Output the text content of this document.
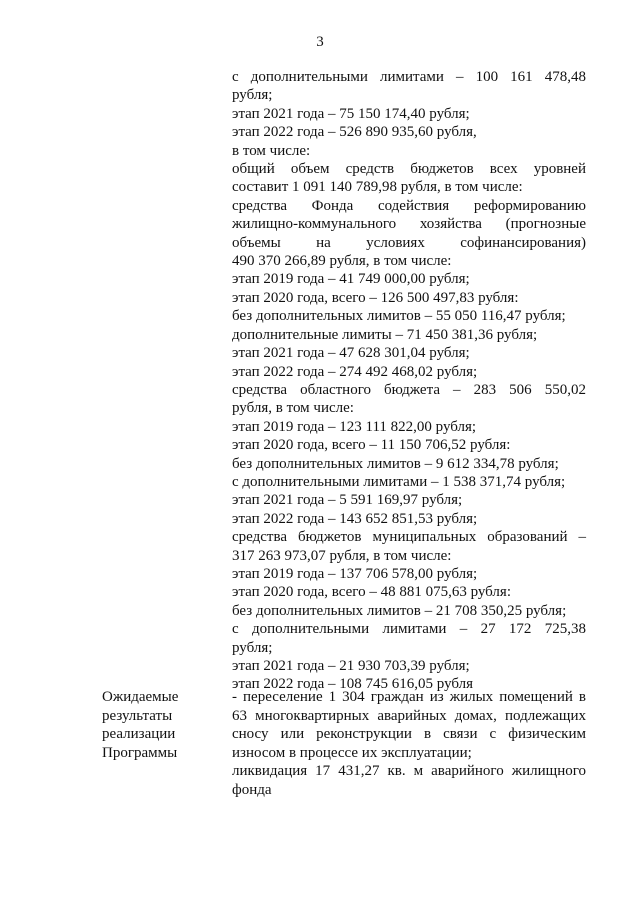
3
с дополнительными лимитами – 100 161 478,48
рубля;
этап 2021 года – 75 150 174,40 рубля;
этап 2022 года – 526 890 935,60 рубля,
в том числе:
общий объем средств бюджетов всех уровней
составит 1 091 140 789,98 рубля, в том числе:
средства Фонда содействия реформированию
жилищно-коммунального хозяйства (прогнозные
объемы на условиях софинансирования)
490 370 266,89 рубля, в том числе:
этап 2019 года – 41 749 000,00 рубля;
этап 2020 года, всего – 126 500 497,83 рубля:
без дополнительных лимитов – 55 050 116,47 рубля;
дополнительные лимиты – 71 450 381,36 рубля;
этап 2021 года – 47 628 301,04 рубля;
этап 2022 года – 274 492 468,02 рубля;
средства областного бюджета – 283 506 550,02
рубля, в том числе:
этап 2019 года – 123 111 822,00 рубля;
этап 2020 года, всего – 11 150 706,52 рубля:
без дополнительных лимитов – 9 612 334,78 рубля;
с дополнительными лимитами – 1 538 371,74 рубля;
этап 2021 года – 5 591 169,97 рубля;
этап 2022 года – 143 652 851,53 рубля;
средства бюджетов муниципальных образований –
317 263 973,07 рубля, в том числе:
этап 2019 года – 137 706 578,00 рубля;
этап 2020 года, всего – 48 881 075,63 рубля:
без дополнительных лимитов – 21 708 350,25 рубля;
с дополнительными лимитами – 27 172 725,38
рубля;
этап 2021 года – 21 930 703,39 рубля;
этап 2022 года – 108 745 616,05 рубля
Ожидаемые
результаты
реализации
Программы
- переселение 1 304 граждан из жилых помещений в
63 многоквартирных аварийных домах, подлежащих
сносу или реконструкции в связи с физическим
износом в процессе их эксплуатации;
ликвидация 17 431,27 кв. м аварийного жилищного
фонда
